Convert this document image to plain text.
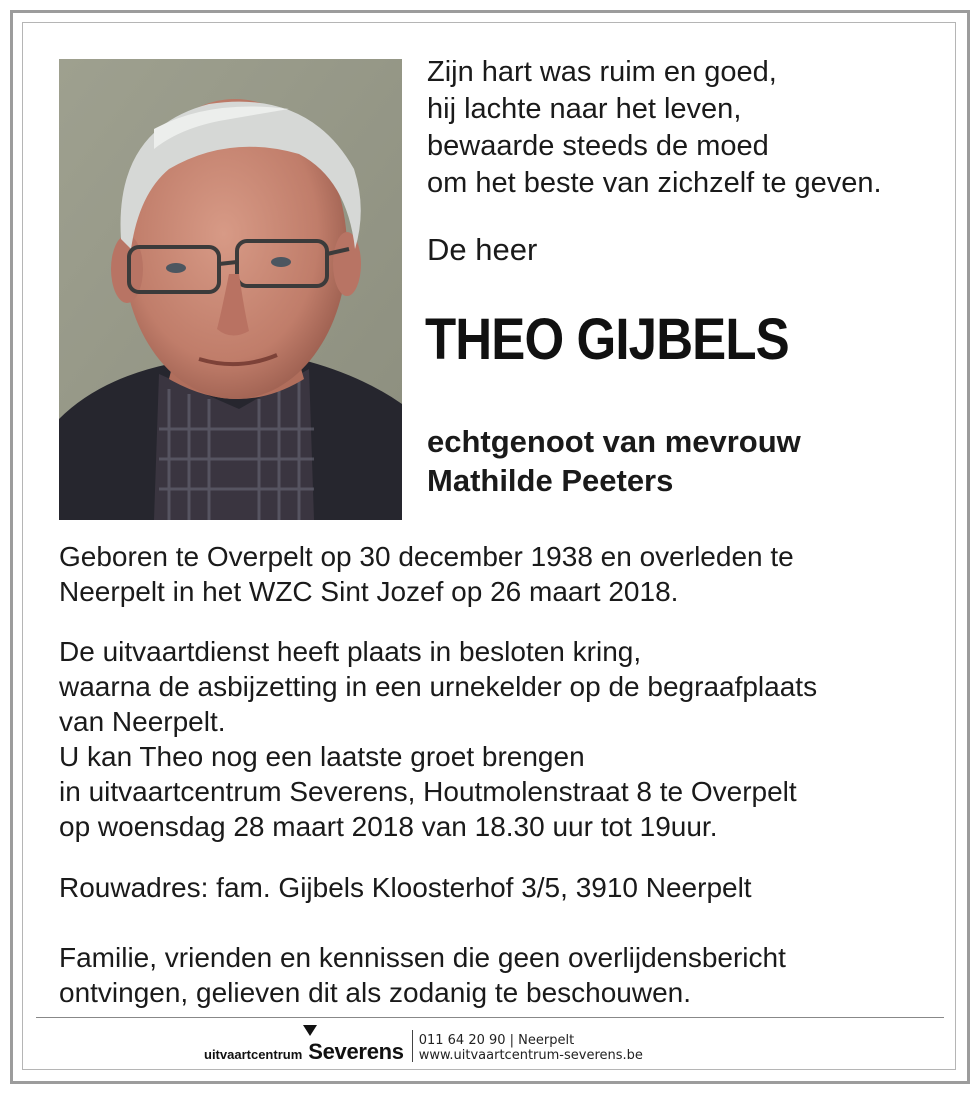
Zijn hart was ruim en goed,
hij lachte naar het leven,
bewaarde steeds de moed
om het beste van zichzelf te geven.
De heer
THEO GIJBELS
echtgenoot van mevrouw
Mathilde Peeters
Geboren te Overpelt op 30 december 1938 en overleden te
Neerpelt in het WZC Sint Jozef op 26 maart 2018.
De uitvaartdienst heeft plaats in besloten kring,
waarna de asbijzetting in een urnekelder op de begraafplaats
van Neerpelt.
U kan Theo nog een laatste groet brengen
in uitvaartcentrum Severens, Houtmolenstraat 8 te Overpelt
op woensdag 28 maart 2018 van 18.30 uur tot 19uur.
Rouwadres: fam. Gijbels Kloosterhof 3/5, 3910 Neerpelt
Familie, vrienden en kennissen die geen overlijdensbericht
ontvingen, gelieven dit als zodanig te beschouwen.
uitvaartcentrum Severens 011 64 20 90 | Neerpelt
www.uitvaartcentrum-severens.be
